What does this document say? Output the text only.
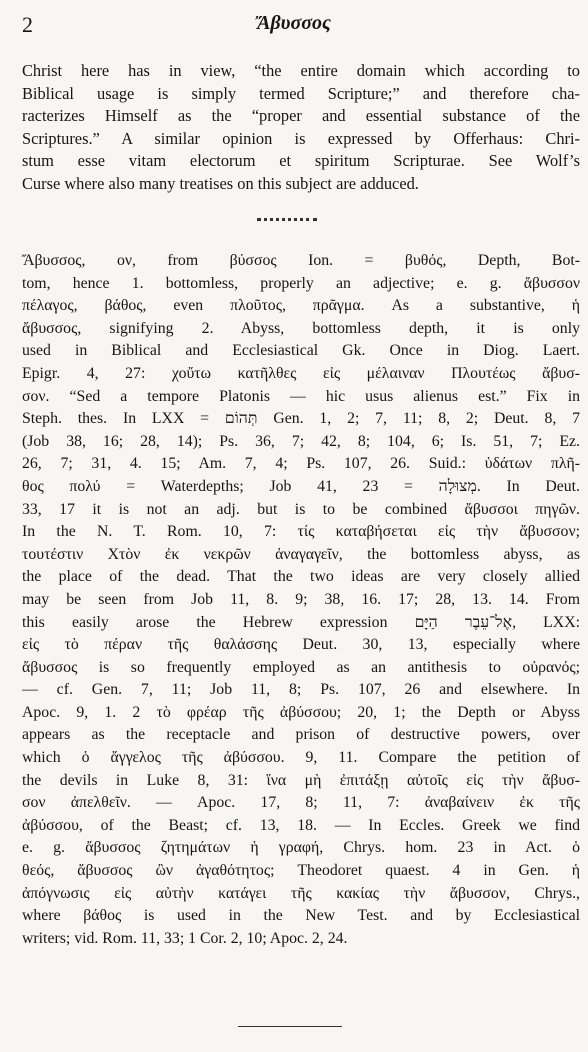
2	Ἄβυσσος
Christ here has in view, “the entire domain which according to
Biblical usage is simply termed Scripture;” and therefore cha-
racterizes Himself as the “proper and essential substance of the
Scriptures.” A similar opinion is expressed by Offerhaus: Chri-
stum esse vitam electorum et spiritum Scripturae. See Wolf’s
Curse where also many treatises on this subject are adduced.
Ἄβυσσος, ον, from βύσσος Ion. = βυθός, Depth, Bot-
tom, hence 1. bottomless, properly an adjective; e. g. ἄβυσσον
πέλαγος, βάθος, even πλοῦτος, πρᾶγμα. As a substantive, ἡ
ἄβυσσος, signifying 2. Abyss, bottomless depth, it is only
used in Biblical and Ecclesiastical Gk. Once in Diog. Laert.
Epigr. 4, 27: χοὔτω κατῆλθες εἰς μέλαιναν Πλουτέως ἄβυσ-
σον. “Sed a tempore Platonis — hic usus alienus est.” Fix in
Steph. thes. In LXX = תְּהוֹם Gen. 1, 2; 7, 11; 8, 2; Deut. 8, 7
(Job 38, 16; 28, 14); Ps. 36, 7; 42, 8; 104, 6; Is. 51, 7; Ez.
26, 7; 31, 4. 15; Am. 7, 4; Ps. 107, 26. Suid.: ὑδάτων πλῆ-
θος πολύ = Waterdepths; Job 41, 23 = מְצוּלָה. In Deut.
33, 17 it is not an adj. but is to be combined ἄβυσσοι πηγῶν.
In the N. T. Rom. 10, 7: τίς καταβήσεται εἰς τὴν ἄβυσσον;
τουτέστιν Χτὸν ἐκ νεκρῶν ἀναγαγεῖν, the bottomless abyss, as
the place of the dead. That the two ideas are very closely allied
may be seen from Job 11, 8. 9; 38, 16. 17; 28, 13. 14. From
this easily arose the Hebrew expression אֶל־עֵבֶר הַיָּם, LXX:
εἰς τὸ πέραν τῆς θαλάσσης Deut. 30, 13, especially where
ἄβυσσος is so frequently employed as an antithesis to οὐρανός;
— cf. Gen. 7, 11; Job 11, 8; Ps. 107, 26 and elsewhere. In
Apoc. 9, 1. 2 τὸ φρέαρ τῆς ἀβύσσου; 20, 1; the Depth or Abyss
appears as the receptacle and prison of destructive powers, over
which ὁ ἄγγελος τῆς ἀβύσσου. 9, 11. Compare the petition of
the devils in Luke 8, 31: ἵνα μὴ ἐπιτάξῃ αὐτοῖς εἰς τὴν ἄβυσ-
σον ἀπελθεῖν. — Apoc. 17, 8; 11, 7: ἀναβαίνειν ἐκ τῆς
ἀβύσσου, of the Beast; cf. 13, 18. — In Eccles. Greek we find
e. g. ἄβυσσος ζητημάτων ἡ γραφή, Chrys. hom. 23 in Act. ὁ
θεός, ἄβυσσος ὢν ἀγαθότητος; Theodoret quaest. 4 in Gen. ἡ
ἀπόγνωσις εἰς αὐτὴν κατάγει τῆς κακίας τὴν ἄβυσσον, Chrys.,
where βάθος is used in the New Test. and by Ecclesiastical
writers; vid. Rom. 11, 33; 1 Cor. 2, 10; Apoc. 2, 24.
